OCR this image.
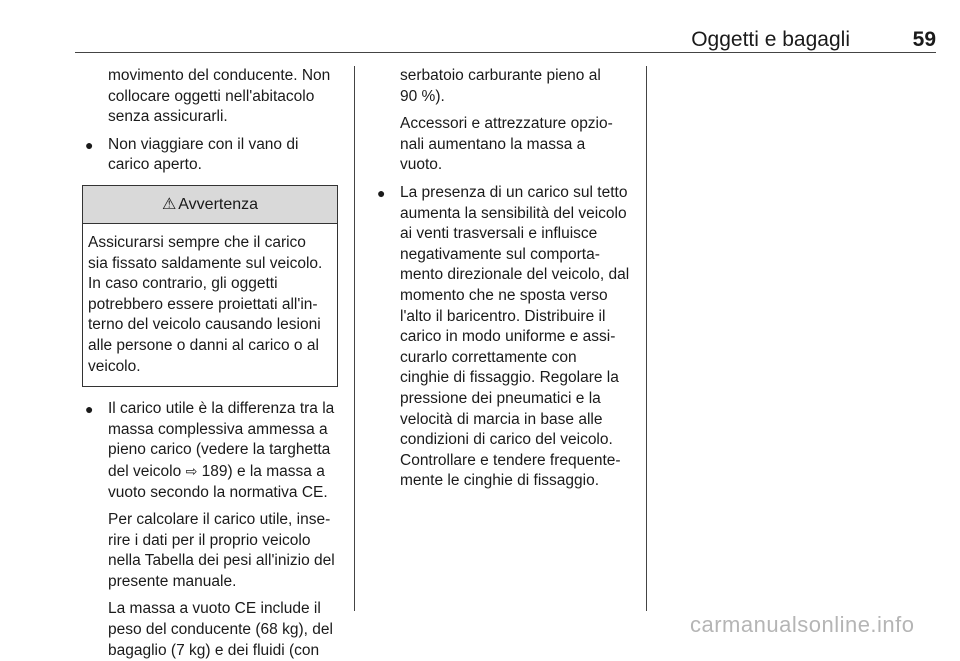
Oggetti e bagagli	59

movimento del conducente. Non
collocare oggetti nell'abitacolo
senza assicurarli.

● Non viaggiare con il vano di
carico aperto.

⚠ Avvertenza

Assicurarsi sempre che il carico
sia fissato saldamente sul veicolo.
In caso contrario, gli oggetti
potrebbero essere proiettati all'in-
terno del veicolo causando lesioni
alle persone o danni al carico o al
veicolo.

● Il carico utile è la differenza tra la
massa complessiva ammessa a
pieno carico (vedere la targhetta
del veicolo ⇨ 189) e la massa a
vuoto secondo la normativa CE.

Per calcolare il carico utile, inse-
rire i dati per il proprio veicolo
nella Tabella dei pesi all'inizio del
presente manuale.

La massa a vuoto CE include il
peso del conducente (68 kg), del
bagaglio (7 kg) e dei fluidi (con

serbatoio carburante pieno al
90 %).

Accessori e attrezzature opzio-
nali aumentano la massa a
vuoto.

● La presenza di un carico sul tetto
aumenta la sensibilità del veicolo
ai venti trasversali e influisce
negativamente sul comporta-
mento direzionale del veicolo, dal
momento che ne sposta verso
l'alto il baricentro. Distribuire il
carico in modo uniforme e assi-
curarlo correttamente con
cinghie di fissaggio. Regolare la
pressione dei pneumatici e la
velocità di marcia in base alle
condizioni di carico del veicolo.
Controllare e tendere frequente-
mente le cinghie di fissaggio.

carmanualsonline.info
